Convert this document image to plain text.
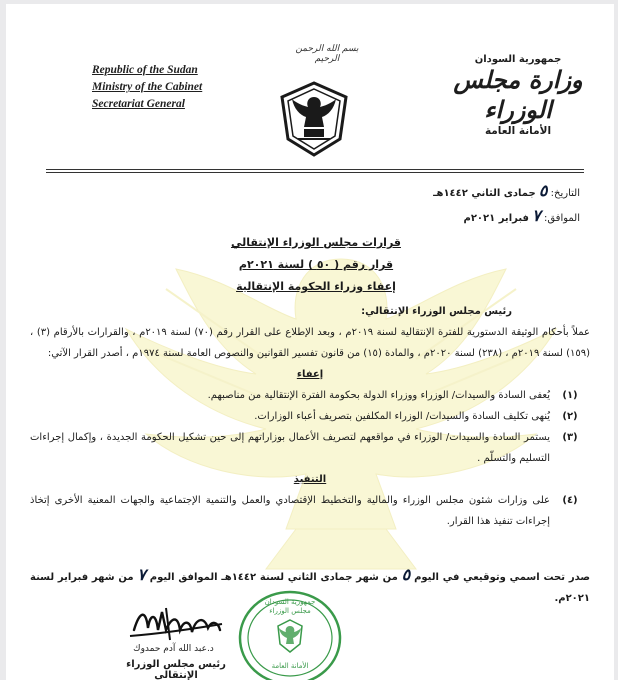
Republic of the Sudan
Ministry of the Cabinet
Secretariat General
بسم الله الرحمن الرحيم	جمهورية السودان
وزارة مجلس الوزراء
الأمانة العامة
التاريخ: ٥ جمادى الثاني ١٤٤٢هـ
الموافق: ٧ فبراير ٢٠٢١م
قرارات مجلس الوزراء الإنتقالي
قرار رقم ( ٥٠ ) لسنة ٢٠٢١م
إعفاء وزراء الحكومة الإنتقالية

رئيس مجلس الوزراء الإنتقالي:

عملاً بأحكام الوثيقة الدستورية للفترة الإنتقالية لسنة ٢٠١٩م ، وبعد الإطلاع على القرار رقم (٧٠) لسنة ٢٠١٩م ، والقرارات بالأرقام (٣) ، (١٥٩) لسنة ٢٠١٩م ، (٢٣٨) لسنة ٢٠٢٠م ، والمادة (١٥) من قانون تفسير القوانين والنصوص العامة لسنة ١٩٧٤م ، أصدر القرار الآتي:

إعفاء

(١)
يُعفى السادة والسيدات/ الوزراء ووزراء الدولة بحكومة الفترة الإنتقالية من مناصبهم.
(٢)
يُنهى تكليف السادة والسيدات/ الوزراء المكلفين بتصريف أعباء الوزارات.
(٣)
يستمر السادة والسيدات/ الوزراء في مواقعهم لتصريف الأعمال بوزاراتهم إلى حين تشكيل الحكومة الجديدة ، وإكمال إجراءات التسليم والتسلّم .

التنفيذ

(٤)
على وزارات شئون مجلس الوزراء والمالية والتخطيط الإقتصادي والعمل والتنمية الإجتماعية والجهات المعنية الأخرى إتخاذ إجراءات تنفيذ هذا القرار.
صدر تحت اسمي وتوقيعي في اليوم ٥ من شهر جمادى الثاني لسنة ١٤٤٢هـ الموافق اليوم ٧ من شهر فبراير لسنة ٢٠٢١م.
د.عبد الله آدم حمدوك
رئيس مجلس الوزراء الإنتقالي
جمهورية السودان
مجلس الوزراء
الأمانة العامة
